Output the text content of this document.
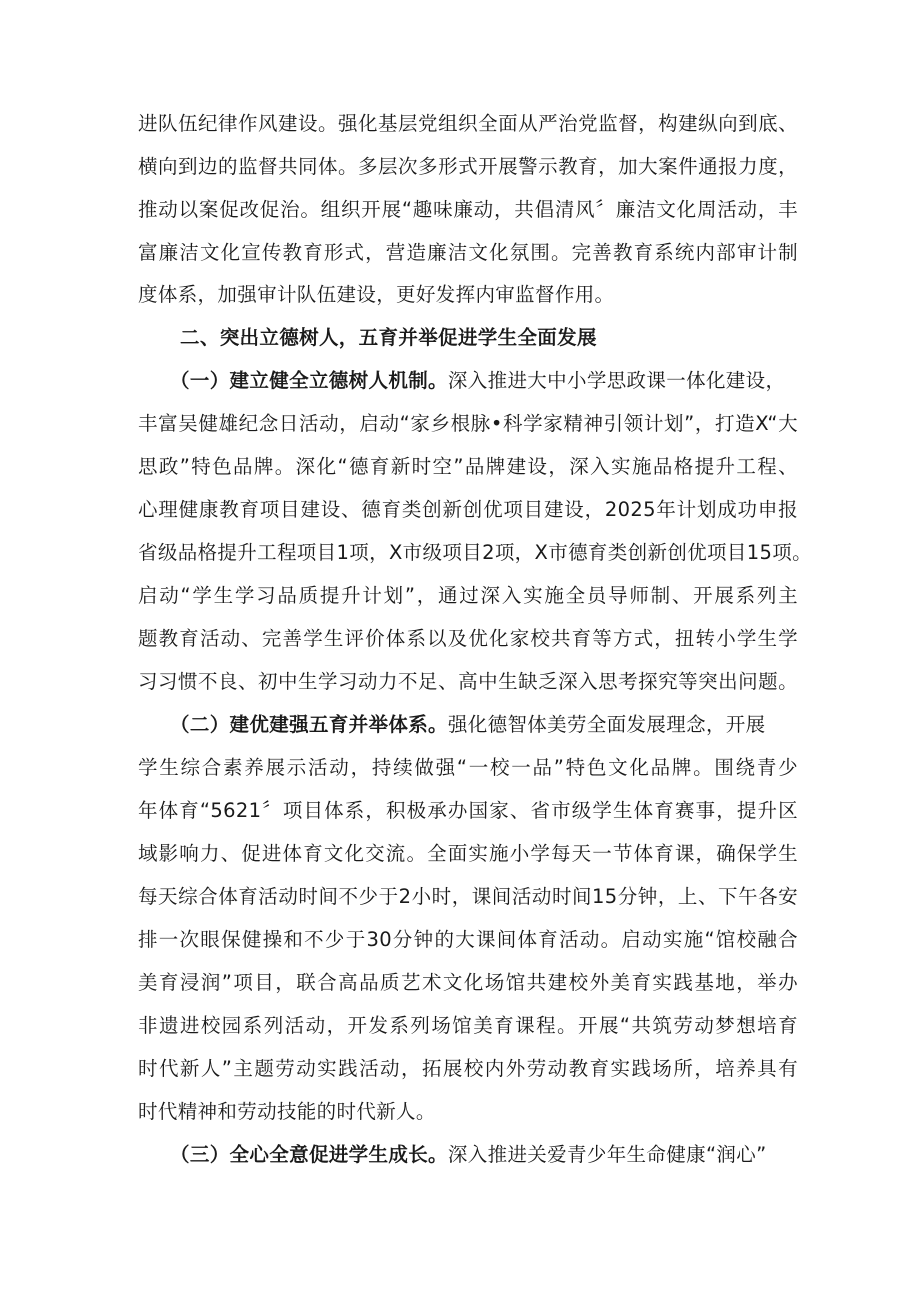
进队伍纪律作风建设。强化基层党组织全面从严治党监督，构建纵向到底、
横向到边的监督共同体。多层次多形式开展警示教育，加大案件通报力度，
推动以案促改促治。组织开展“趣味廉动，共倡清风〞廉洁文化周活动，丰
富廉洁文化宣传教育形式，营造廉洁文化氛围。完善教育系统内部审计制
度体系，加强审计队伍建设，更好发挥内审监督作用。
二、突出立德树人，五育并举促进学生全面发展
（一）建立健全立德树人机制。深入推进大中小学思政课一体化建设，
丰富吴健雄纪念日活动，启动“家乡根脉•科学家精神引领计划”，打造X“大
思政”特色品牌。深化“德育新时空”品牌建设，深入实施品格提升工程、
心理健康教育项目建设、德育类创新创优项目建设，2025年计划成功申报
省级品格提升工程项目1项，X市级项目2项，X市德育类创新创优项目15项。
启动“学生学习品质提升计划”，通过深入实施全员导师制、开展系列主
题教育活动、完善学生评价体系以及优化家校共育等方式，扭转小学生学
习习惯不良、初中生学习动力不足、高中生缺乏深入思考探究等突出问题。
（二）建优建强五育并举体系。强化德智体美劳全面发展理念，开展
学生综合素养展示活动，持续做强“一校一品”特色文化品牌。围绕青少
年体育“5621〞项目体系，积极承办国家、省市级学生体育赛事，提升区
域影响力、促进体育文化交流。全面实施小学每天一节体育课，确保学生
每天综合体育活动时间不少于2小时，课间活动时间15分钟，上、下午各安
排一次眼保健操和不少于30分钟的大课间体育活动。启动实施“馆校融合
美育浸润”项目，联合高品质艺术文化场馆共建校外美育实践基地，举办
非遗进校园系列活动，开发系列场馆美育课程。开展“共筑劳动梦想培育
时代新人”主题劳动实践活动，拓展校内外劳动教育实践场所，培养具有
时代精神和劳动技能的时代新人。
（三）全心全意促进学生成长。深入推进关爱青少年生命健康“润心”
